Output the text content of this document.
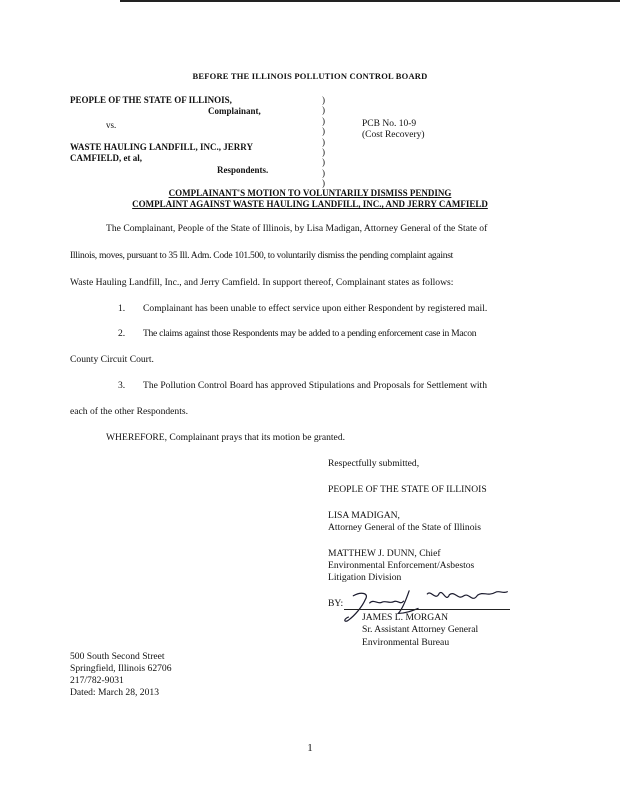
BEFORE THE ILLINOIS POLLUTION CONTROL BOARD
PEOPLE OF THE STATE OF ILLINOIS,
Complainant,
vs.
WASTE HAULING LANDFILL, INC., JERRY
CAMFIELD, et al,
Respondents.
)
)
)
)
)
)
)
)
)
PCB No. 10-9
(Cost Recovery)
COMPLAINANT'S MOTION TO VOLUNTARILY DISMISS PENDING
COMPLAINT AGAINST WASTE HAULING LANDFILL, INC., AND JERRY CAMFIELD
The Complainant, People of the State of Illinois, by Lisa Madigan, Attorney General of the State of
Illinois, moves, pursuant to 35 Ill. Adm. Code 101.500, to voluntarily dismiss the pending complaint against
Waste Hauling Landfill, Inc., and Jerry Camfield. In support thereof, Complainant states as follows:
1. Complainant has been unable to effect service upon either Respondent by registered mail.
2. The claims against those Respondents may be added to a pending enforcement case in Macon
County Circuit Court.
3. The Pollution Control Board has approved Stipulations and Proposals for Settlement with
each of the other Respondents.
WHEREFORE, Complainant prays that its motion be granted.
Respectfully submitted,
PEOPLE OF THE STATE OF ILLINOIS
LISA MADIGAN,
Attorney General of the State of Illinois
MATTHEW J. DUNN, Chief
Environmental Enforcement/Asbestos
Litigation Division
BY:
JAMES L. MORGAN
Sr. Assistant Attorney General
Environmental Bureau
500 South Second Street
Springfield, Illinois 62706
217/782-9031
Dated: March 28, 2013
1
